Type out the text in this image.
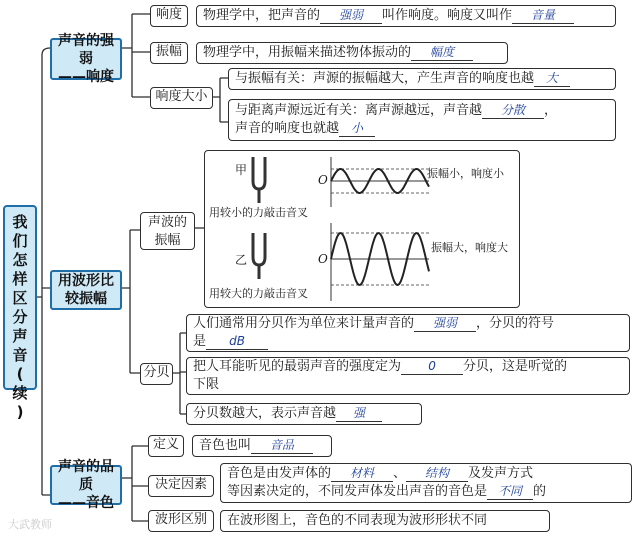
我
们
怎
样
区
分
声
音
(
续
)
声音的强弱
——响度
响度	物理学中，把声音的 强弱 叫作响度。响度又叫作 音量
振幅	物理学中，用振幅来描述物体振动的 幅度
响度大小
与振幅有关：声源的振幅越大，产生声音的响度也越 大
与距离声源远近有关：离声源越远，声音越 分散 ，
声音的响度也就越 小
用波形比
较振幅
声波的
振幅
甲
用较小的力敲击音叉
O	振幅小，响度小
乙
用较大的力敲击音叉
O
振幅大，响度大
分贝
人们通常用分贝作为单位来计量声音的 强弱 ，分贝的符号
是 dB
把人耳能听见的最弱声音的强度定为 0 分贝，这是听觉的
下限
分贝数越大，表示声音越 强
声音的品质
——音色
定义	音色也叫 音品
决定因素
音色是由发声体的 材料 、 结构 及发声方式
等因素决定的，不同发声体发出声音的音色是 不同 的
波形区别	在波形图上，音色的不同表现为波形形状不同
大武教师
